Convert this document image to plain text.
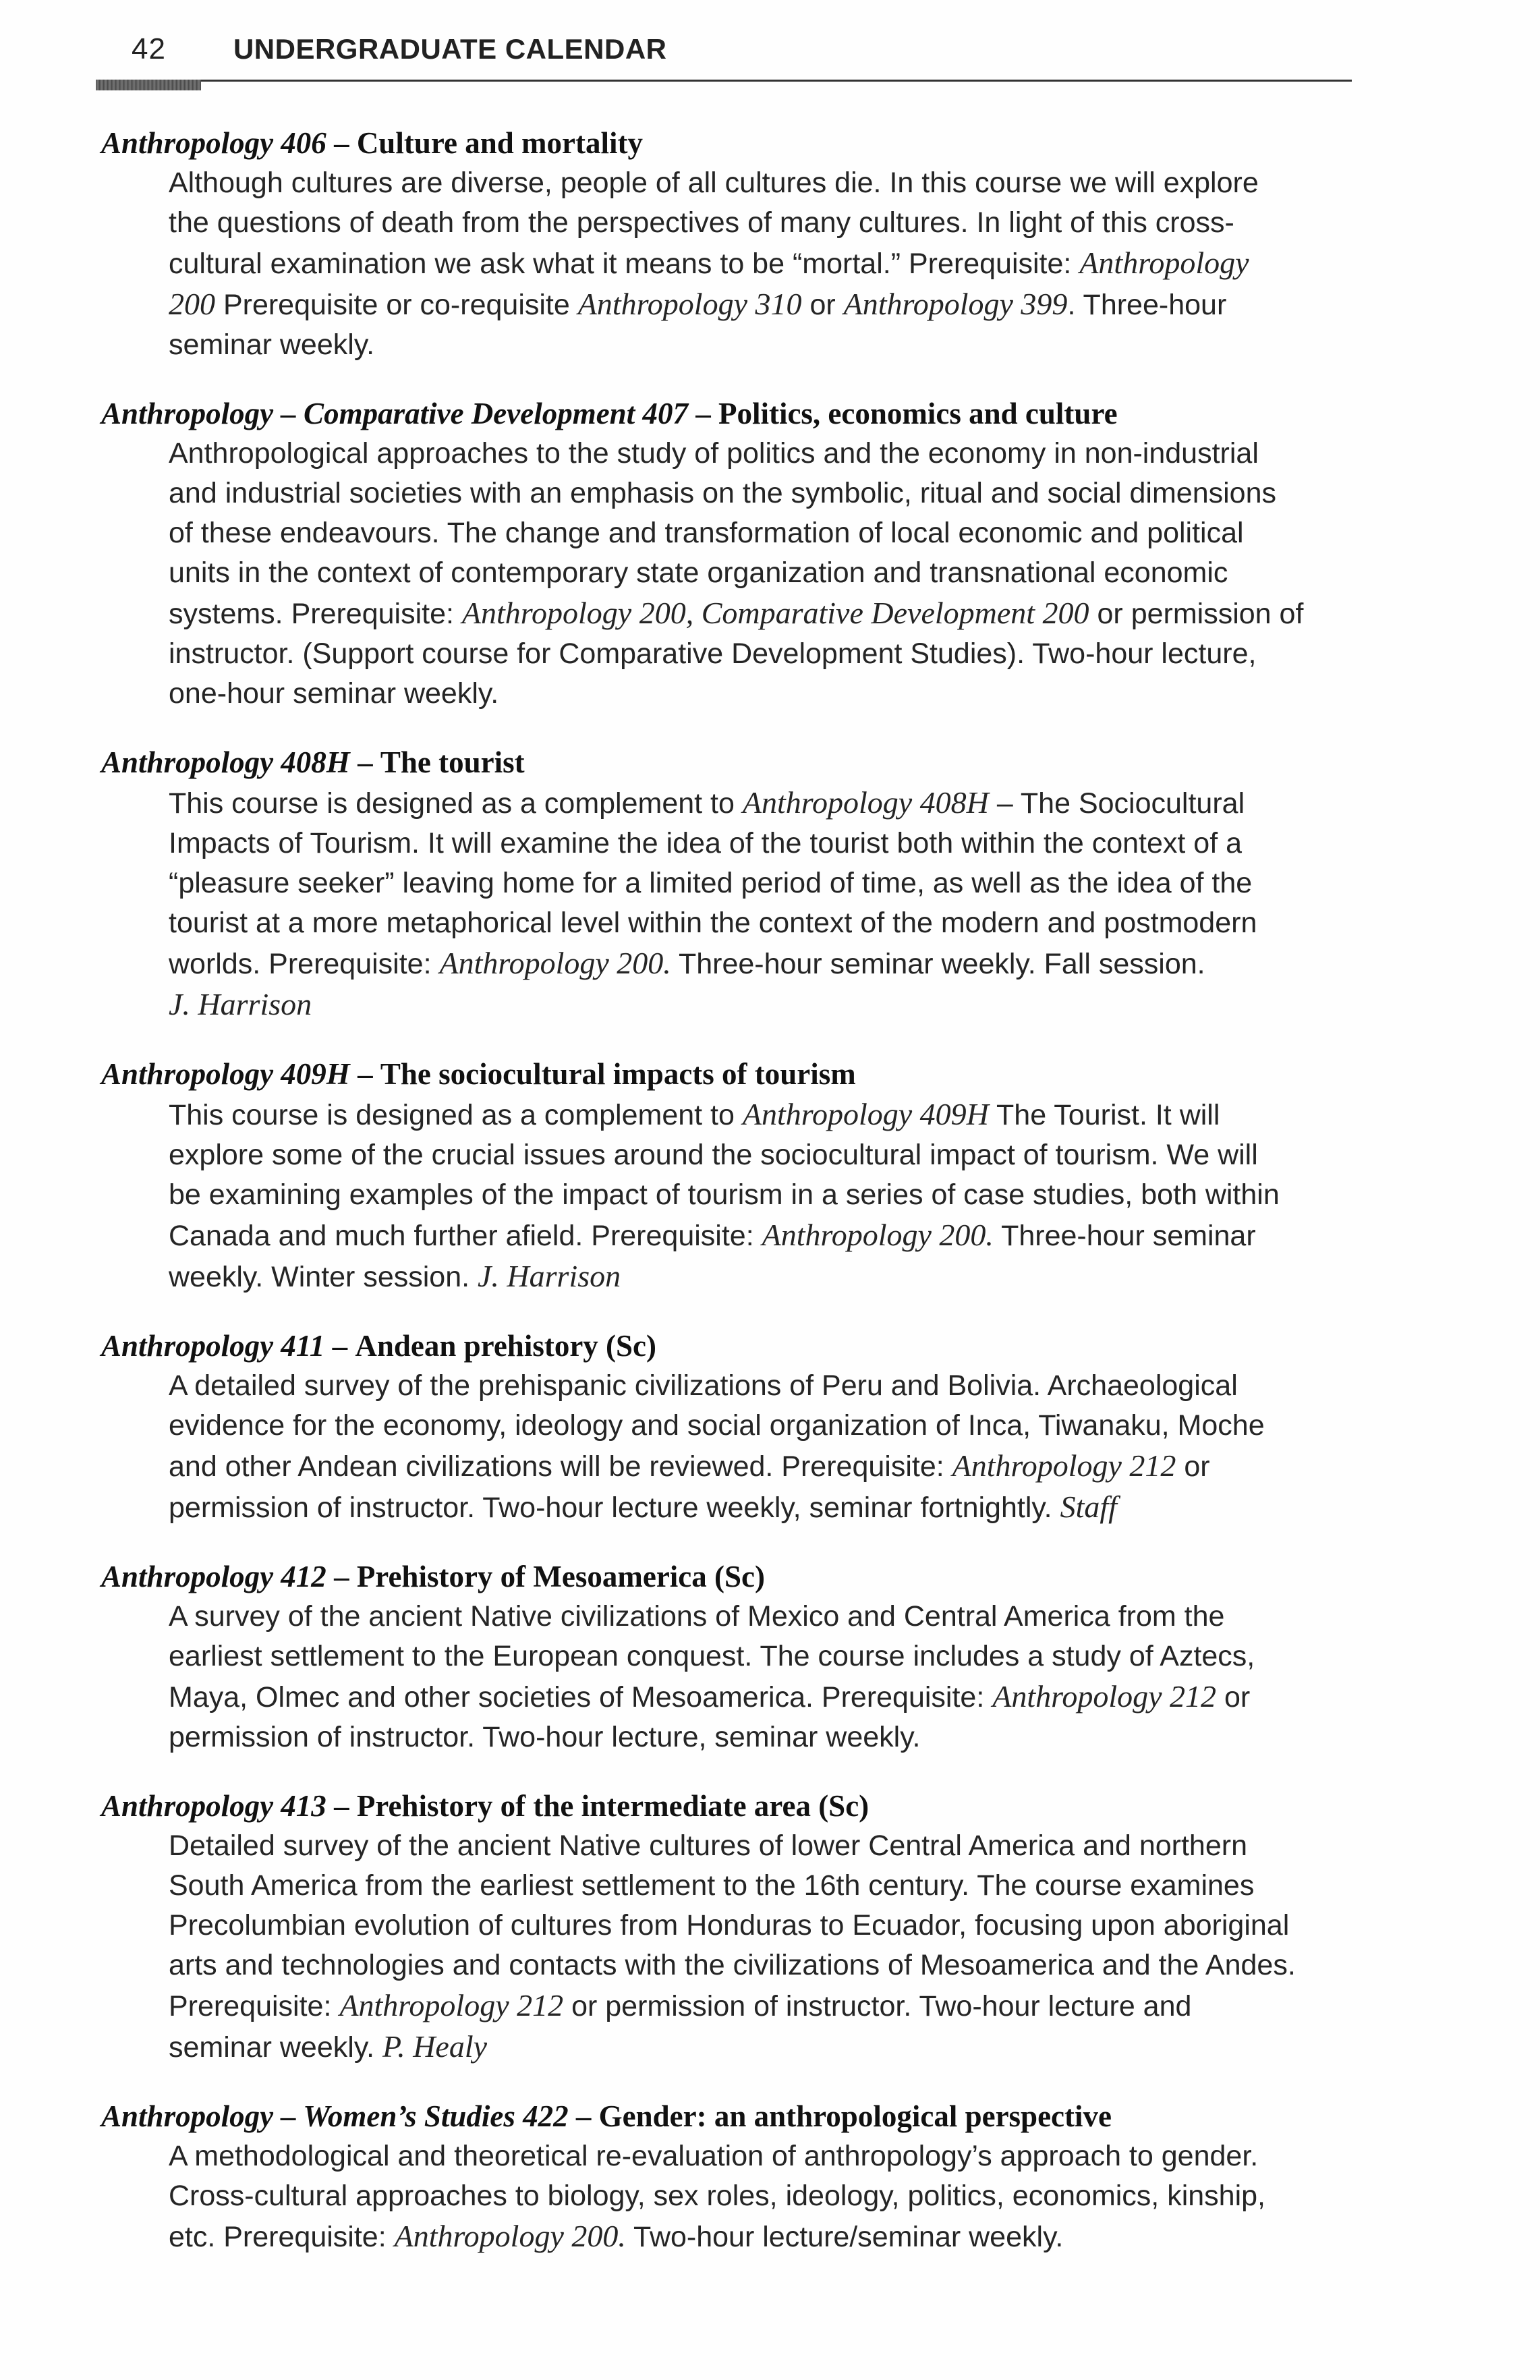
42 UNDERGRADUATE CALENDAR
Anthropology 406 – Culture and mortality
Although cultures are diverse, people of all cultures die. In this course we will explore
the questions of death from the perspectives of many cultures. In light of this cross-
cultural examination we ask what it means to be “mortal.” Prerequisite: Anthropology
200 Prerequisite or co-requisite Anthropology 310 or Anthropology 399. Three-hour
seminar weekly.
Anthropology – Comparative Development 407 – Politics, economics and culture
Anthropological approaches to the study of politics and the economy in non-industrial
and industrial societies with an emphasis on the symbolic, ritual and social dimensions
of these endeavours. The change and transformation of local economic and political
units in the context of contemporary state organization and transnational economic
systems. Prerequisite: Anthropology 200, Comparative Development 200 or permission of
instructor. (Support course for Comparative Development Studies). Two-hour lecture,
one-hour seminar weekly.
Anthropology 408H – The tourist
This course is designed as a complement to Anthropology 408H – The Sociocultural
Impacts of Tourism. It will examine the idea of the tourist both within the context of a
“pleasure seeker” leaving home for a limited period of time, as well as the idea of the
tourist at a more metaphorical level within the context of the modern and postmodern
worlds. Prerequisite: Anthropology 200. Three-hour seminar weekly. Fall session.
J. Harrison
Anthropology 409H – The sociocultural impacts of tourism
This course is designed as a complement to Anthropology 409H The Tourist. It will
explore some of the crucial issues around the sociocultural impact of tourism. We will
be examining examples of the impact of tourism in a series of case studies, both within
Canada and much further afield. Prerequisite: Anthropology 200. Three-hour seminar
weekly. Winter session. J. Harrison
Anthropology 411 – Andean prehistory (Sc)
A detailed survey of the prehispanic civilizations of Peru and Bolivia. Archaeological
evidence for the economy, ideology and social organization of Inca, Tiwanaku, Moche
and other Andean civilizations will be reviewed. Prerequisite: Anthropology 212 or
permission of instructor. Two-hour lecture weekly, seminar fortnightly. Staff
Anthropology 412 – Prehistory of Mesoamerica (Sc)
A survey of the ancient Native civilizations of Mexico and Central America from the
earliest settlement to the European conquest. The course includes a study of Aztecs,
Maya, Olmec and other societies of Mesoamerica. Prerequisite: Anthropology 212 or
permission of instructor. Two-hour lecture, seminar weekly.
Anthropology 413 – Prehistory of the intermediate area (Sc)
Detailed survey of the ancient Native cultures of lower Central America and northern
South America from the earliest settlement to the 16th century. The course examines
Precolumbian evolution of cultures from Honduras to Ecuador, focusing upon aboriginal
arts and technologies and contacts with the civilizations of Mesoamerica and the Andes.
Prerequisite: Anthropology 212 or permission of instructor. Two-hour lecture and
seminar weekly. P. Healy
Anthropology – Women’s Studies 422 – Gender: an anthropological perspective
A methodological and theoretical re-evaluation of anthropology’s approach to gender.
Cross-cultural approaches to biology, sex roles, ideology, politics, economics, kinship,
etc. Prerequisite: Anthropology 200. Two-hour lecture/seminar weekly.
